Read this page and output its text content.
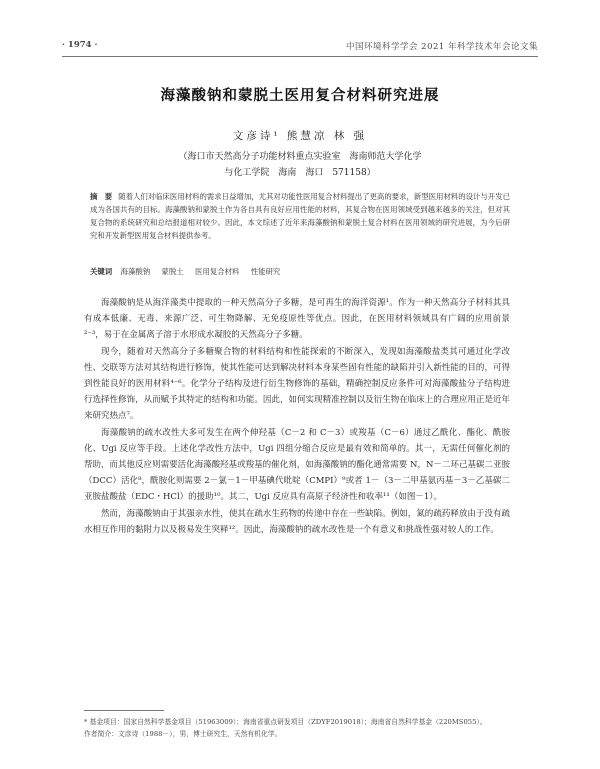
· 1974 ·	中国环境科学学会 2021 年科学技术年会论文集
海藻酸钠和蒙脱土医用复合材料研究进展
文彦诗¹ 熊慧凉 林 强
（海口市天然高分子功能材料重点实验室　海南师范大学化学
与化工学院　海南　海口　571158）
摘　要 随着人们对临床医用材料的需求日益增加，尤其对功能性医用复合材料提出了更高的要求，新型医用材料的设计与开发已成为各国共有的目标。海藻酸钠和蒙脱土作为各自具有良好应用性能的材料，其复合物在医用领域受到越来越多的关注，但对其复合物的系统研究和总结报道相对较少。因此，本文综述了近年来海藻酸钠和蒙脱土复合材料在医用领域的研究进展，为今后研究和开发新型医用复合材料提供参考。
关键词 海藻酸钠 蒙脱土 医用复合材料 性能研究

海藻酸钠是从海洋藻类中提取的一种天然高分子多糖，是可再生的海洋资源¹。作为一种天然高分子材料其具有成本低廉、无毒、来源广泛、可生物降解、无免疫原性等优点。因此，在医用材料领域具有广阔的应用前景²⁻³，易于在金属离子溶于水形成水凝胶的天然高分子多糖。

现今，随着对天然高分子多糖聚合物的材料结构和性能探索的不断深入，发现如海藻酸盐类其可通过化学改性、交联等方法对其结构进行修饰，使其性能可达到解决材料本身某些固有性能的缺陷并引入新性能的目的，可得到性能良好的医用材料⁴⁻⁶。化学分子结构及进行衍生物修饰的基础，精确控制反应条件可对海藻酸盐分子结构进行选择性修饰，从而赋予其特定的结构和功能。因此，如何实现精准控制以及衍生物在临床上的合理应用正是近年来研究热点⁷。

海藻酸钠的疏水改性大多可发生在两个伸羟基（C－2 和 C－3）或羧基（C－6）通过乙酰化、酯化、酰胺化、Ugi 反应等手段。上述化学改性方法中，Ugi 四组分缩合反应是最有效和简单的。其一，无需任何催化剂的帮助，而其他反应则需要活化海藻酸羟基或羧基的催化剂，如海藻酸钠的酯化通常需要 N，N－二环己基碳二亚胺（DCC）活化⁸，酰胺化则需要 2－氯－1－甲基碘代吡啶（CMPI）⁹或者 1－（3－二甲基氨丙基－3－乙基碳二亚胺盐酸盐（EDC・HCl）的援助¹⁰。其二，Ugi 反应具有高原子经济性和收率¹¹（如图－1）。

然而，海藻酸钠由于其强亲水性，使其在疏水生药物的传递中存在一些缺陷。例如，氮的疏药释放由于没有疏水相互作用的黏附力以及极易发生突释¹²。因此，海藻酸钠的疏水改性是一个有意义和挑战性强对较人的工作。

* 基金项目：国家自然科学基金项目（51963009）；海南省重点研发项目（ZDYF2019018）；海南省自然科学基金（220MS055）。

作者简介：文彦诗（1988－），男，博士研究生，天然有机化学。
